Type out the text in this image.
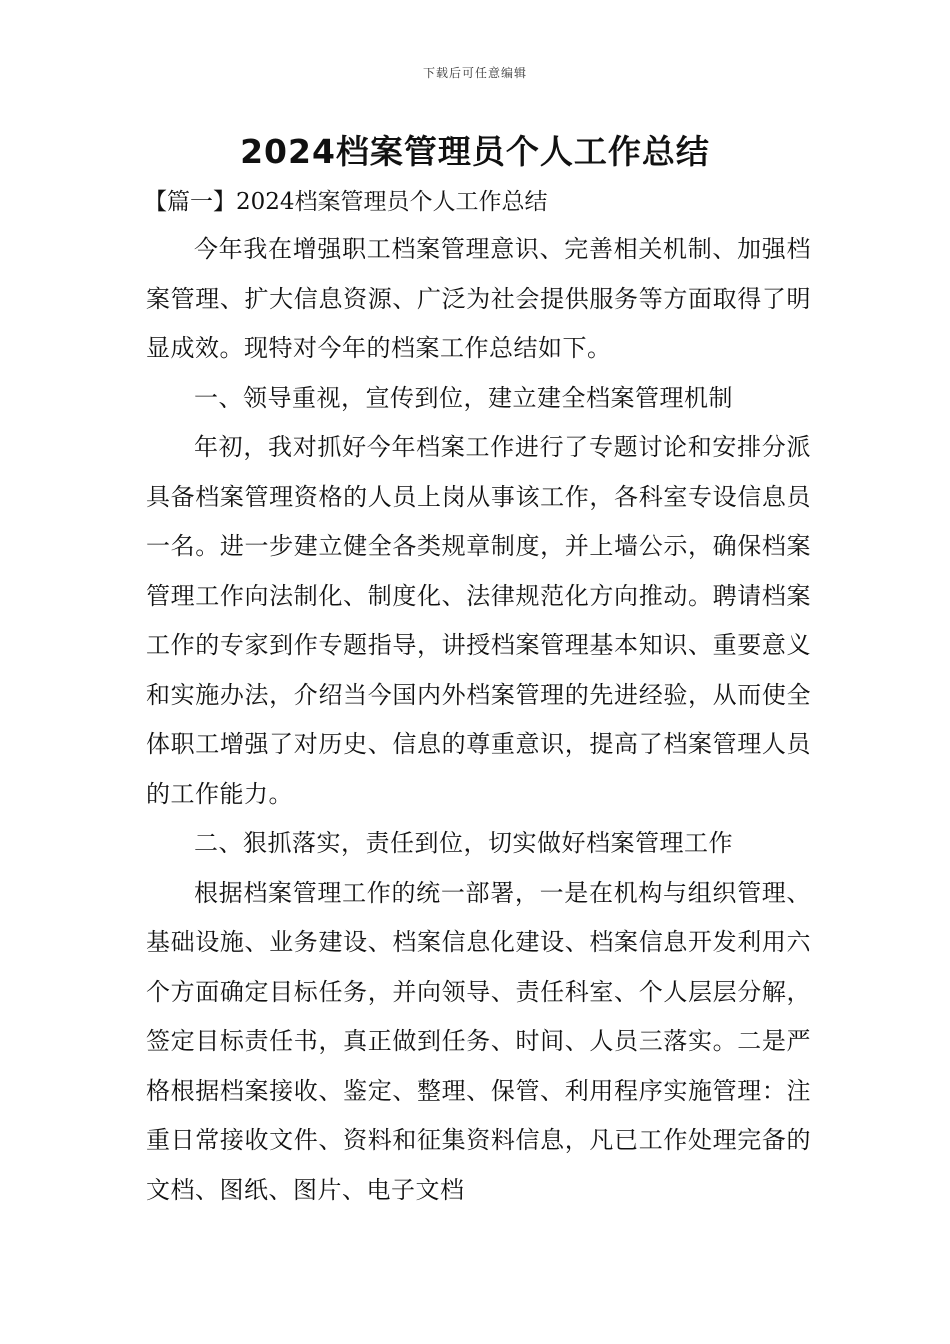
下载后可任意编辑
2024档案管理员个人工作总结
【篇一】2024档案管理员个人工作总结

今年我在增强职工档案管理意识、完善相关机制、加强档案管理、扩大信息资源、广泛为社会提供服务等方面取得了明显成效。现特对今年的档案工作总结如下。

一、领导重视，宣传到位，建立建全档案管理机制

年初，我对抓好今年档案工作进行了专题讨论和安排分派具备档案管理资格的人员上岗从事该工作，各科室专设信息员一名。进一步建立健全各类规章制度，并上墙公示，确保档案管理工作向法制化、制度化、法律规范化方向推动。聘请档案工作的专家到作专题指导，讲授档案管理基本知识、重要意义和实施办法，介绍当今国内外档案管理的先进经验，从而使全体职工增强了对历史、信息的尊重意识，提高了档案管理人员的工作能力。

二、狠抓落实，责任到位，切实做好档案管理工作

根据档案管理工作的统一部署，一是在机构与组织管理、基础设施、业务建设、档案信息化建设、档案信息开发利用六个方面确定目标任务，并向领导、责任科室、个人层层分解，签定目标责任书，真正做到任务、时间、人员三落实。二是严格根据档案接收、鉴定、整理、保管、利用程序实施管理：注重日常接收文件、资料和征集资料信息，凡已工作处理完备的文档、图纸、图片、电子文档
